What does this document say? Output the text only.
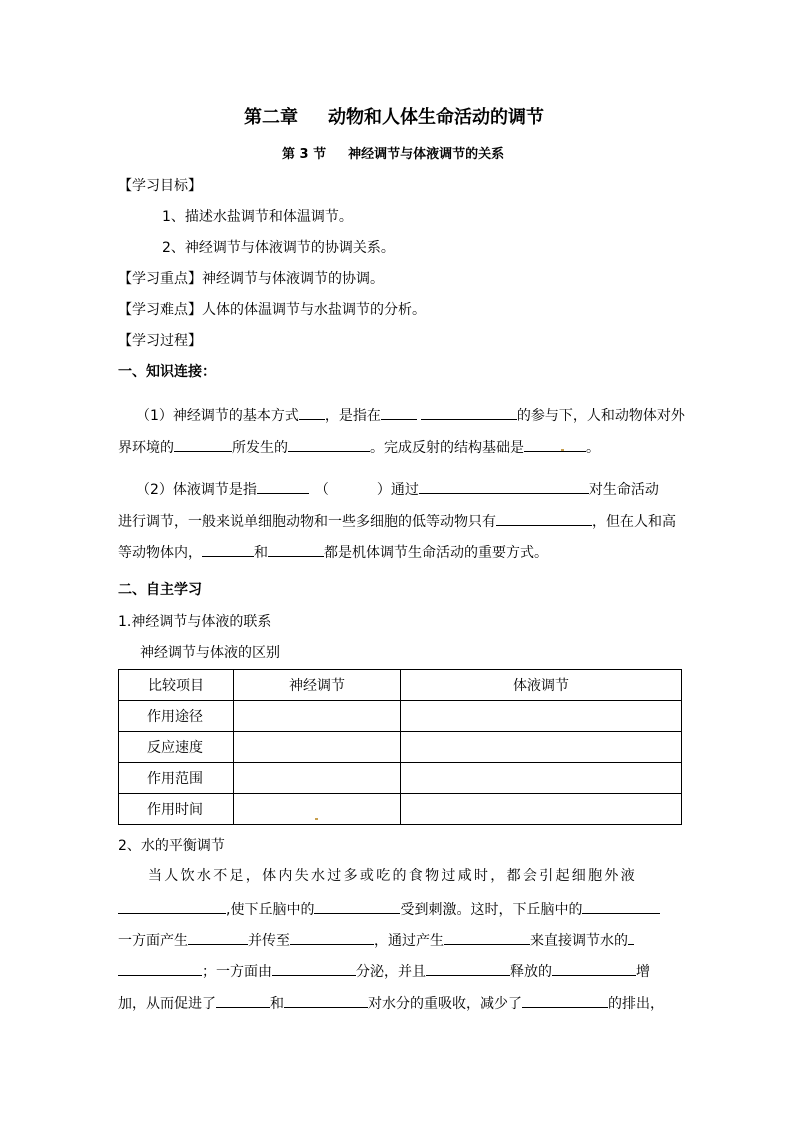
第二章 动物和人体生命活动的调节
第 3 节 神经调节与体液调节的关系
【学习目标】
1、描述水盐调节和体温调节。
2、神经调节与体液调节的协调关系。
【学习重点】神经调节与体液调节的协调。
【学习难点】人体的体温调节与水盐调节的分析。
【学习过程】
一、知识连接：
（1）神经调节的基本方式 ，是指在	的参与下，人和动物体对外
界环境的	所发生的	。完成反射的结构基础是	。
（2）体液调节是指	（	）通过	对生命活动
进行调节，一般来说单细胞动物和一些多细胞的低等动物只有	，但在人和高
等动物体内，	和	都是机体调节生命活动的重要方式。
二、自主学习
1.神经调节与体液的联系
神经调节与体液的区别
比较项目	神经调节	体液调节
作用途径		
反应速度		
作用范围		
作用时间		
2、水的平衡调节
当人饮水不足，体内失水过多或吃的食物过咸时，都会引起细胞外液
,使下丘脑中的	受到刺激。这时，下丘脑中的
一方面产生	并传至	，通过产生	来直接调节水的
；一方面由	分泌，并且	释放的	增
加，从而促进了	和	对水分的重吸收，减少了	的排出，
